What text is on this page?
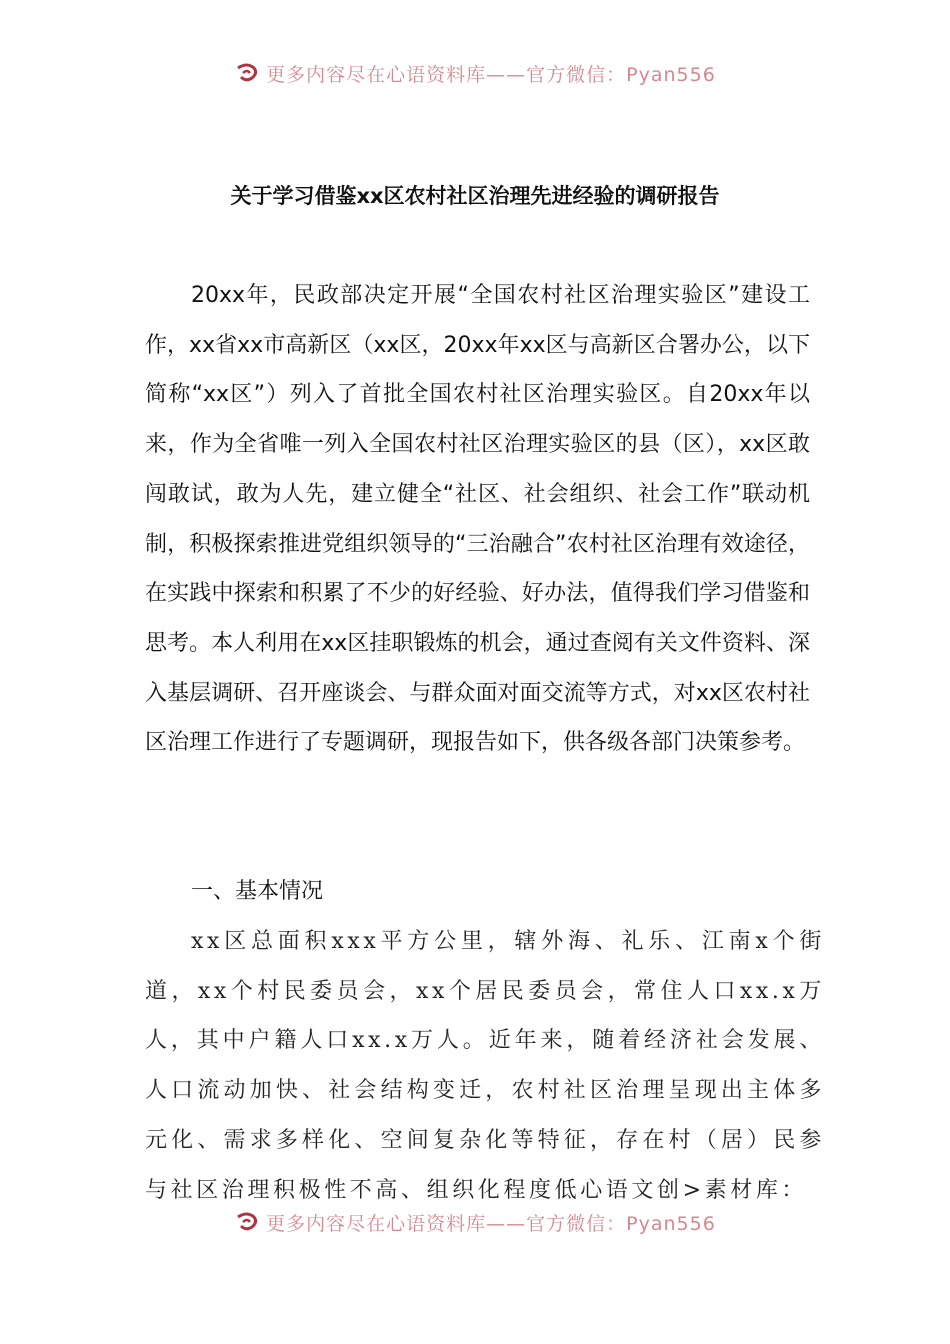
更多内容尽在心语资料库——官方微信：Pyan556
关于学习借鉴xx区农村社区治理先进经验的调研报告

20xx年，民政部决定开展“全国农村社区治理实验区”建设工作，xx省xx市高新区（xx区，20xx年xx区与高新区合署办公，以下简称“xx区”）列入了首批全国农村社区治理实验区。自20xx年以来，作为全省唯一列入全国农村社区治理实验区的县（区），xx区敢闯敢试，敢为人先，建立健全“社区、社会组织、社会工作”联动机制，积极探索推进党组织领导的“三治融合”农村社区治理有效途径，在实践中探索和积累了不少的好经验、好办法，值得我们学习借鉴和思考。本人利用在xx区挂职锻炼的机会，通过查阅有关文件资料、深入基层调研、召开座谈会、与群众面对面交流等方式，对xx区农村社区治理工作进行了专题调研，现报告如下，供各级各部门决策参考。

一、基本情况

xx区总面积xxx平方公里，辖外海、礼乐、江南x个街道，xx个村民委员会，xx个居民委员会，常住人口xx.x万人，其中户籍人口xx.x万人。近年来，随着经济社会发展、人口流动加快、社会结构变迁，农村社区治理呈现出主体多元化、需求多样化、空间复杂化等特征，存在村（居）民参与社区治理积极性不高、组织化程度低心语文创>素材库：

更多内容尽在心语资料库——官方微信：Pyan556
